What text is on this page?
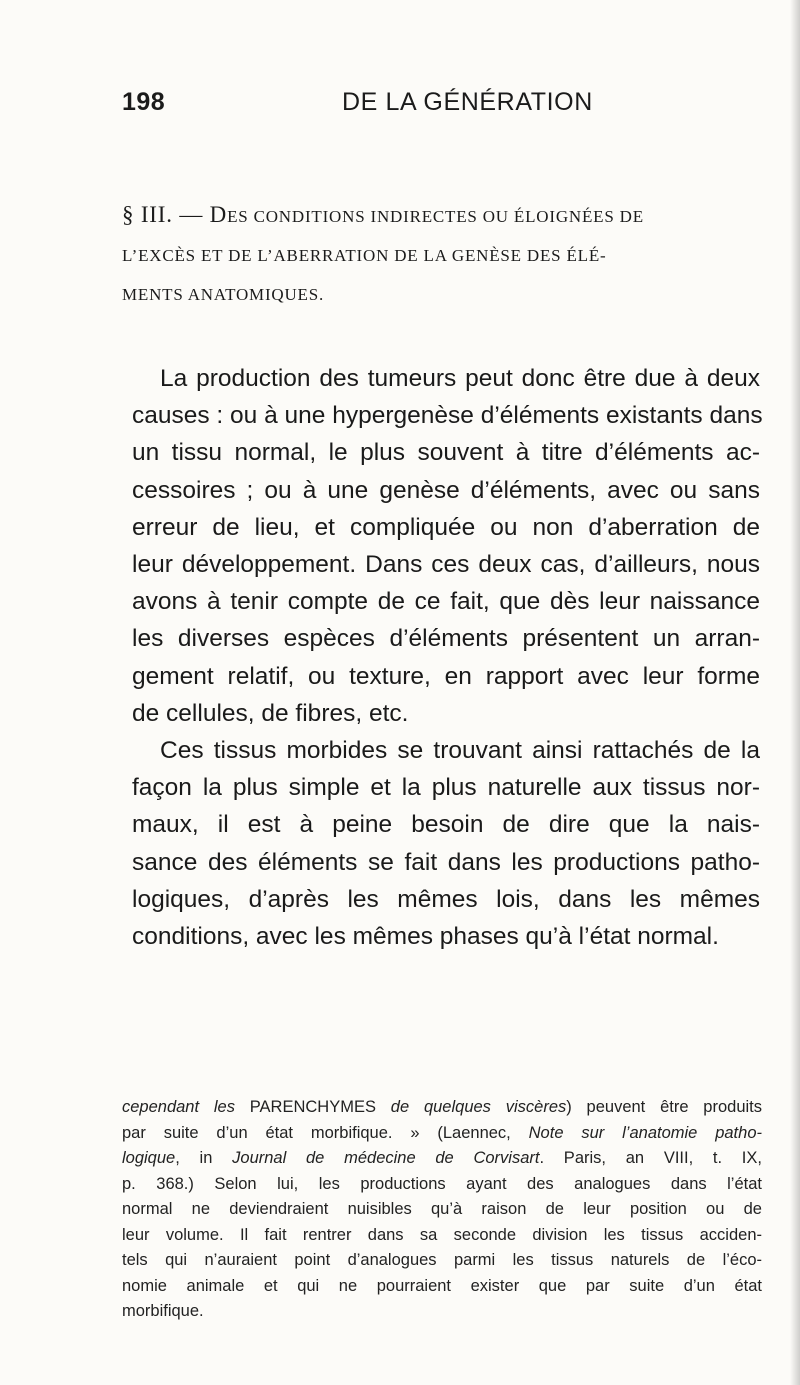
198	DE LA GÉNÉRATION
§ III. — DES CONDITIONS INDIRECTES OU ÉLOIGNÉES DE
L’EXCÈS ET DE L’ABERRATION DE LA GENÈSE DES ÉLÉ-
MENTS ANATOMIQUES.
La production des tumeurs peut donc être due à deux
causes : ou à une hypergenèse d’éléments existants dans
un tissu normal, le plus souvent à titre d’éléments ac-
cessoires ; ou à une genèse d’éléments, avec ou sans
erreur de lieu, et compliquée ou non d’aberration de
leur développement. Dans ces deux cas, d’ailleurs, nous
avons à tenir compte de ce fait, que dès leur naissance
les diverses espèces d’éléments présentent un arran-
gement relatif, ou texture, en rapport avec leur forme
de cellules, de fibres, etc.
Ces tissus morbides se trouvant ainsi rattachés de la
façon la plus simple et la plus naturelle aux tissus nor-
maux, il est à peine besoin de dire que la nais-
sance des éléments se fait dans les productions patho-
logiques, d’après les mêmes lois, dans les mêmes
conditions, avec les mêmes phases qu’à l’état normal.
cependant les PARENCHYMES de quelques viscères) peuvent être produits
par suite d’un état morbifique. » (Laennec, Note sur l’anatomie patho-
logique, in Journal de médecine de Corvisart. Paris, an VIII, t. IX,
p. 368.) Selon lui, les productions ayant des analogues dans l’état
normal ne deviendraient nuisibles qu’à raison de leur position ou de
leur volume. Il fait rentrer dans sa seconde division les tissus acciden-
tels qui n’auraient point d’analogues parmi les tissus naturels de l’éco-
nomie animale et qui ne pourraient exister que par suite d’un état
morbifique.
